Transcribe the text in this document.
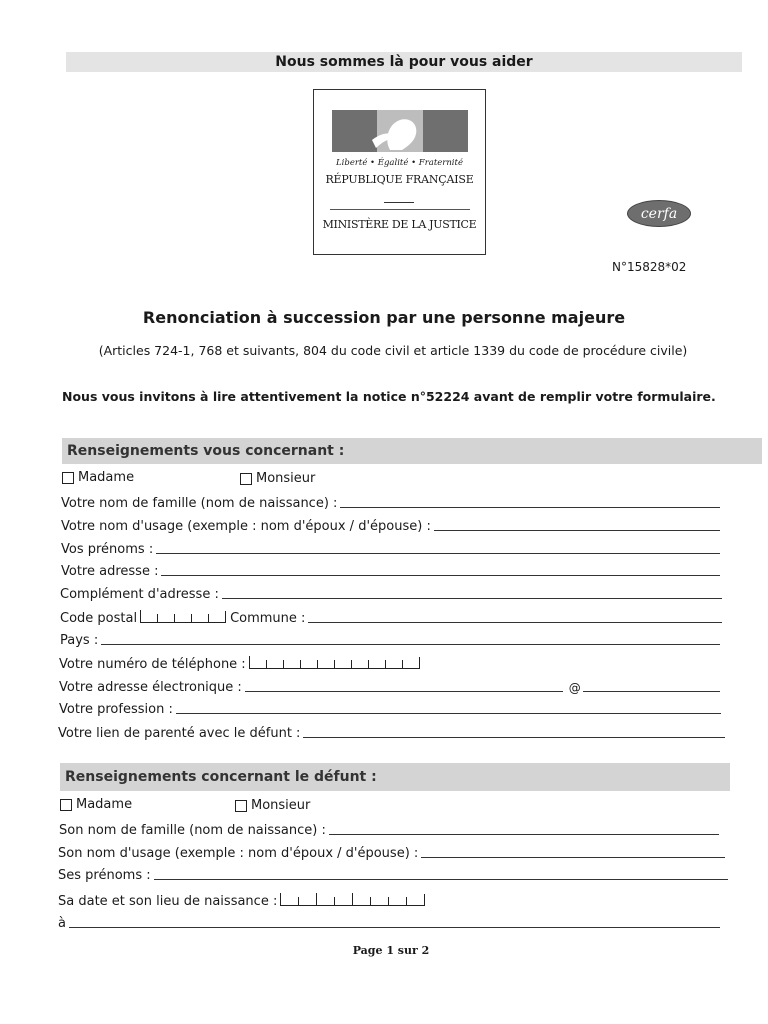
Nous sommes là pour vous aider
Liberté • Égalité • Fraternité
RÉPUBLIQUE FRANÇAISE
MINISTÈRE DE LA JUSTICE
cerfa
N°15828*02
Renonciation à succession par une personne majeure
(Articles 724-1, 768 et suivants, 804 du code civil et article 1339 du code de procédure civile)
Nous vous invitons à lire attentivement la notice n°52224 avant de remplir votre formulaire.
Renseignements vous concernant :
Madame	Monsieur
Votre nom de famille (nom de naissance) :
Votre nom d'usage (exemple : nom d'époux / d'épouse) :
Vos prénoms :
Votre adresse :
Complément d'adresse :
Code postal	Commune :
Pays :
Votre numéro de téléphone :
Votre adresse électronique :	@
Votre profession :
Votre lien de parenté avec le défunt :
Renseignements concernant le défunt :
Madame	Monsieur
Son nom de famille (nom de naissance) :
Son nom d'usage (exemple : nom d'époux / d'épouse) :
Ses prénoms :
Sa date et son lieu de naissance :
à
Page 1 sur 2
